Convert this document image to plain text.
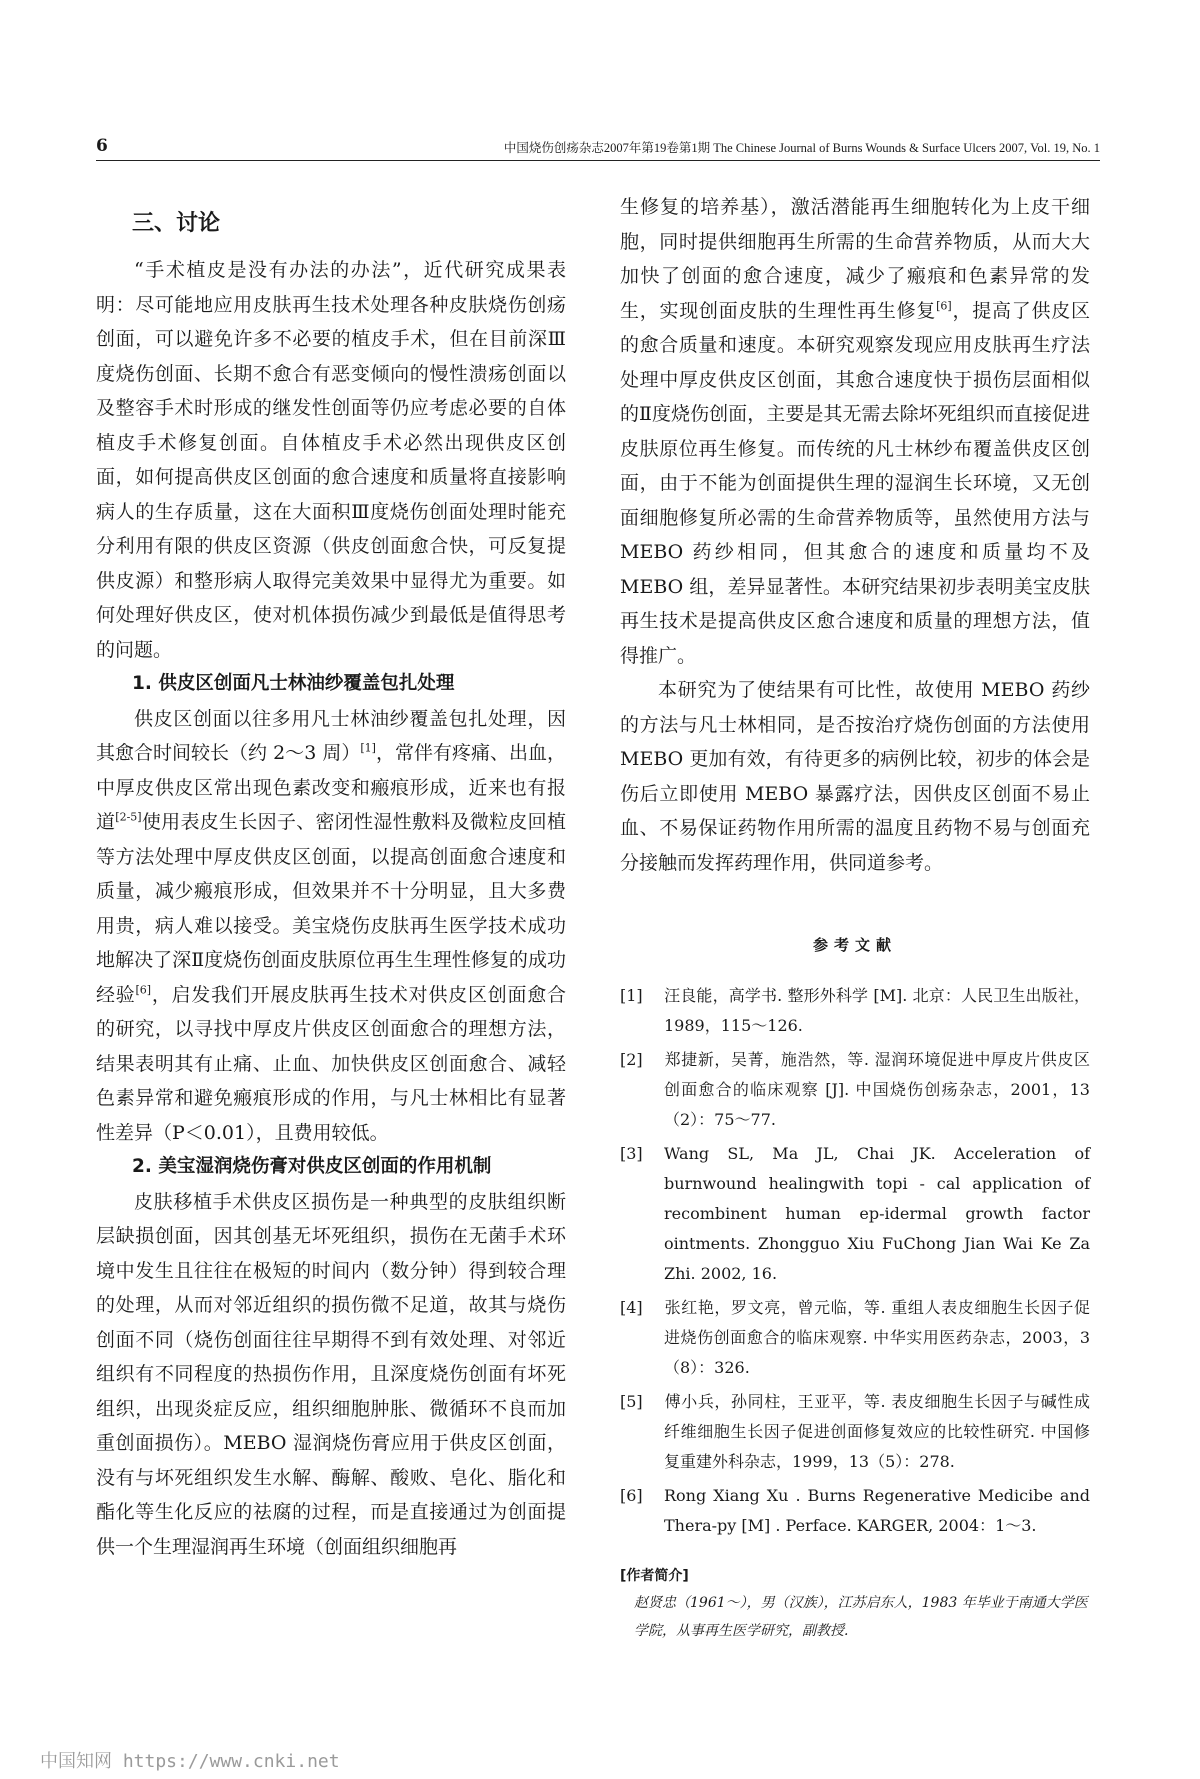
6	中国烧伤创疡杂志2007年第19卷第1期 The Chinese Journal of Burns Wounds & Surface Ulcers 2007, Vol. 19, No. 1
三、讨论

“手术植皮是没有办法的办法”，近代研究成果表明：尽可能地应用皮肤再生技术处理各种皮肤烧伤创疡创面，可以避免许多不必要的植皮手术，但在目前深Ⅲ度烧伤创面、长期不愈合有恶变倾向的慢性溃疡创面以及整容手术时形成的继发性创面等仍应考虑必要的自体植皮手术修复创面。自体植皮手术必然出现供皮区创面，如何提高供皮区创面的愈合速度和质量将直接影响病人的生存质量，这在大面积Ⅲ度烧伤创面处理时能充分利用有限的供皮区资源（供皮创面愈合快，可反复提供皮源）和整形病人取得完美效果中显得尤为重要。如何处理好供皮区，使对机体损伤减少到最低是值得思考的问题。

1. 供皮区创面凡士林油纱覆盖包扎处理

供皮区创面以往多用凡士林油纱覆盖包扎处理，因其愈合时间较长（约 2～3 周）[1]，常伴有疼痛、出血，中厚皮供皮区常出现色素改变和瘢痕形成，近来也有报道[2-5]使用表皮生长因子、密闭性湿性敷料及微粒皮回植等方法处理中厚皮供皮区创面，以提高创面愈合速度和质量，减少瘢痕形成，但效果并不十分明显，且大多费用贵，病人难以接受。美宝烧伤皮肤再生医学技术成功地解决了深Ⅱ度烧伤创面皮肤原位再生生理性修复的成功经验[6]，启发我们开展皮肤再生技术对供皮区创面愈合的研究，以寻找中厚皮片供皮区创面愈合的理想方法，结果表明其有止痛、止血、加快供皮区创面愈合、减轻色素异常和避免瘢痕形成的作用，与凡士林相比有显著性差异（P＜0.01），且费用较低。

2. 美宝湿润烧伤膏对供皮区创面的作用机制

皮肤移植手术供皮区损伤是一种典型的皮肤组织断层缺损创面，因其创基无坏死组织，损伤在无菌手术环境中发生且往往在极短的时间内（数分钟）得到较合理的处理，从而对邻近组织的损伤微不足道，故其与烧伤创面不同（烧伤创面往往早期得不到有效处理、对邻近组织有不同程度的热损伤作用，且深度烧伤创面有坏死组织，出现炎症反应，组织细胞肿胀、微循环不良而加重创面损伤）。MEBO 湿润烧伤膏应用于供皮区创面，没有与坏死组织发生水解、酶解、酸败、皂化、脂化和酯化等生化反应的祛腐的过程，而是直接通过为创面提供一个生理湿润再生环境（创面组织细胞再

生修复的培养基），激活潜能再生细胞转化为上皮干细胞，同时提供细胞再生所需的生命营养物质，从而大大加快了创面的愈合速度，减少了瘢痕和色素异常的发生，实现创面皮肤的生理性再生修复[6]，提高了供皮区的愈合质量和速度。本研究观察发现应用皮肤再生疗法处理中厚皮供皮区创面，其愈合速度快于损伤层面相似的Ⅱ度烧伤创面，主要是其无需去除坏死组织而直接促进皮肤原位再生修复。而传统的凡士林纱布覆盖供皮区创面，由于不能为创面提供生理的湿润生长环境，又无创面细胞修复所必需的生命营养物质等，虽然使用方法与 MEBO 药纱相同，但其愈合的速度和质量均不及 MEBO 组，差异显著性。本研究结果初步表明美宝皮肤再生技术是提高供皮区愈合速度和质量的理想方法，值得推广。

本研究为了使结果有可比性，故使用 MEBO 药纱的方法与凡士林相同，是否按治疗烧伤创面的方法使用 MEBO 更加有效，有待更多的病例比较，初步的体会是伤后立即使用 MEBO 暴露疗法，因供皮区创面不易止血、不易保证药物作用所需的温度且药物不易与创面充分接触而发挥药理作用，供同道参考。

参考文献
[1] 汪良能，高学书. 整形外科学 [M]. 北京：人民卫生出版社，1989，115～126.
[2] 郑捷新，吴菁，施浩然，等. 湿润环境促进中厚皮片供皮区创面愈合的临床观察 [J]. 中国烧伤创疡杂志，2001，13（2）：75～77.
[3] Wang SL, Ma JL, Chai JK. Acceleration of burnwound healingwith topi - cal application of recombinent human ep-idermal growth factor ointments. Zhongguo Xiu FuChong Jian Wai Ke Za Zhi. 2002, 16.
[4] 张红艳，罗文亮，曾元临，等. 重组人表皮细胞生长因子促进烧伤创面愈合的临床观察. 中华实用医药杂志，2003，3（8）：326.
[5] 傅小兵，孙同柱，王亚平，等. 表皮细胞生长因子与碱性成纤维细胞生长因子促进创面修复效应的比较性研究. 中国修复重建外科杂志，1999，13（5）：278.
[6] Rong Xiang Xu . Burns Regenerative Medicibe and Thera-py [M] . Perface. KARGER, 2004：1～3.
[作者简介]
赵贤忠（1961～），男（汉族），江苏启东人，1983 年毕业于南通大学医学院，从事再生医学研究，副教授.
中国知网 https://www.cnki.net
